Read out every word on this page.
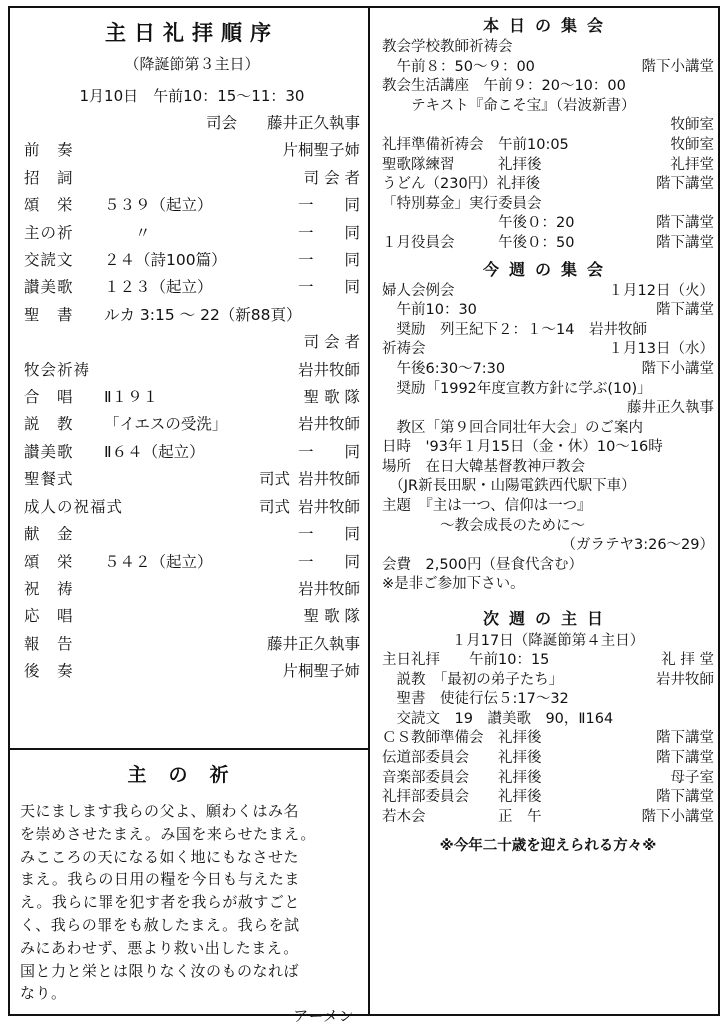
主日礼拝順序
（降誕節第３主日）
1月10日　午前10：15〜11：30
司会 藤井正久執事
前　奏	片桐聖子姉
招　詞	司 会 者
頌　栄	５３９（起立）	一　　同
主の祈	　　〃	一　　同
交読文	２４（詩100篇）	一　　同
讃美歌	１２３（起立）	一　　同
聖　書	ルカ 3:15 〜 22（新88頁）
司 会 者
牧会祈祷	岩井牧師
合　唱	Ⅱ１９１	聖 歌 隊
説　教	「イエスの受洗」	岩井牧師
讃美歌	Ⅱ６４（起立）	一　　同
聖餐式	司式 岩井牧師
成人の祝福式	司式 岩井牧師
献　金	一　　同
頌　栄	５４２（起立）	一　　同
祝　祷	岩井牧師
応　唱	聖 歌 隊
報　告	藤井正久執事
後　奏	片桐聖子姉
主の祈
天にまします我らの父よ、願わくはみ名
を崇めさせたまえ。み国を来らせたまえ。
みこころの天になる如く地にもなさせた
まえ。我らの日用の糧を今日も与えたま
え。我らに罪を犯す者を我らが赦すごと
く、我らの罪をも赦したまえ。我らを試
みにあわせず、悪より救い出したまえ。
国と力と栄とは限りなく汝のものなれば
なり。
アーメン
本日の集会
教会学校教師祈祷会
　午前８：50〜９：00	階下小講堂
教会生活講座　午前９：20〜10：00
　　テキスト『命こそ宝』（岩波新書）
牧師室
礼拝準備祈祷会　午前10:05	牧師室
聖歌隊練習　　　礼拝後	礼拝堂
うどん（230円）礼拝後	階下講堂
「特別募金」実行委員会
　　　　　　　　午後０：20	階下講堂
１月役員会　　　午後０：50	階下講堂
今週の集会
婦人会例会	１月12日（火）
　午前10：30	階下講堂
　奨励　列王紀下２：１〜14　岩井牧師
祈祷会	１月13日（水）
　午後6:30〜7:30	階下小講堂
　奨励「1992年度宣教方針に学ぶ(10)」
藤井正久執事
　教区「第９回合同壮年大会」のご案内
日時　'93年１月15日（金・休）10〜16時
場所　在日大韓基督教神戸教会
　（JR新長田駅・山陽電鉄西代駅下車）
主題　『主は一つ、信仰は一つ』
　　　　〜教会成長のために〜
（ガラテヤ3:26〜29）
会費　2,500円（昼食代含む）
※是非ご参加下さい。
次週の主日
１月17日（降誕節第４主日）
主日礼拝　　午前10：15	礼 拝 堂
　説教　「最初の弟子たち」	岩井牧師
　聖書　使徒行伝５:17〜32
　交読文　19　讃美歌　90，Ⅱ164
ＣＳ教師準備会　礼拝後	階下講堂
伝道部委員会　　礼拝後	階下講堂
音楽部委員会　　礼拝後	母子室
礼拝部委員会　　礼拝後	階下講堂
若木会　　　　　正　午	階下小講堂
※今年二十歳を迎えられる方々※
